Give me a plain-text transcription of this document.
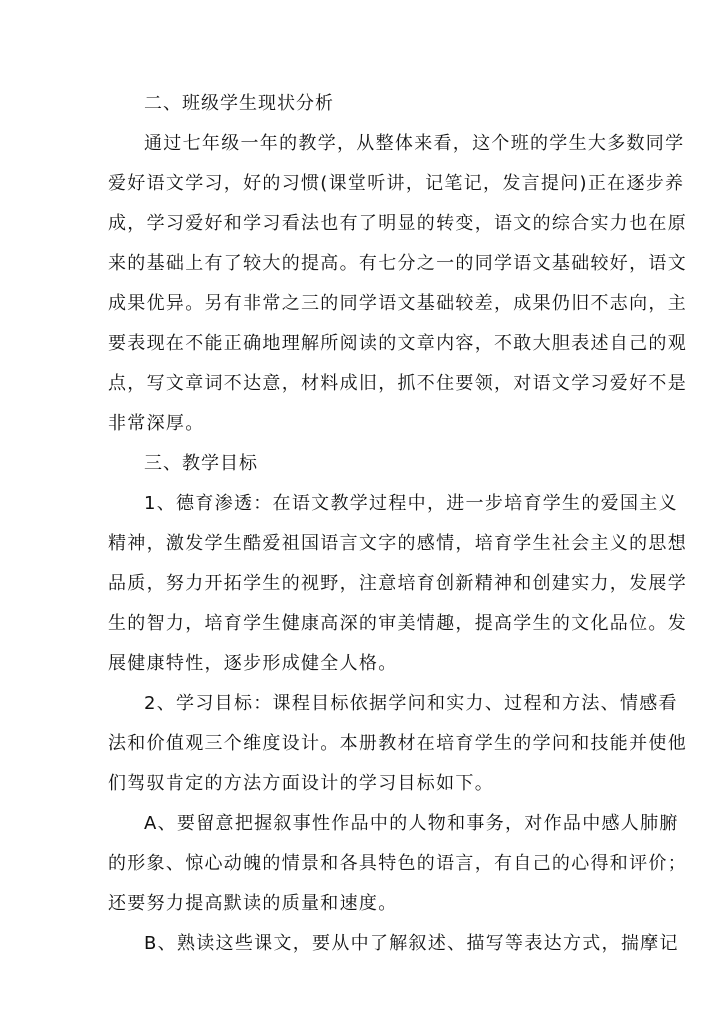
二、班级学生现状分析
通过七年级一年的教学，从整体来看，这个班的学生大多数同学
爱好语文学习，好的习惯(课堂听讲，记笔记，发言提问)正在逐步养
成，学习爱好和学习看法也有了明显的转变，语文的综合实力也在原
来的基础上有了较大的提高。有七分之一的同学语文基础较好，语文
成果优异。另有非常之三的同学语文基础较差，成果仍旧不志向，主
要表现在不能正确地理解所阅读的文章内容，不敢大胆表述自己的观
点，写文章词不达意，材料成旧，抓不住要领，对语文学习爱好不是
非常深厚。
三、教学目标
1、德育渗透：在语文教学过程中，进一步培育学生的爱国主义
精神，激发学生酷爱祖国语言文字的感情，培育学生社会主义的思想
品质，努力开拓学生的视野，注意培育创新精神和创建实力，发展学
生的智力，培育学生健康高深的审美情趣，提高学生的文化品位。发
展健康特性，逐步形成健全人格。
2、学习目标：课程目标依据学问和实力、过程和方法、情感看
法和价值观三个维度设计。本册教材在培育学生的学问和技能并使他
们驾驭肯定的方法方面设计的学习目标如下。
A、要留意把握叙事性作品中的人物和事务，对作品中感人肺腑
的形象、惊心动魄的情景和各具特色的语言，有自己的心得和评价；
还要努力提高默读的质量和速度。
B、熟读这些课文，要从中了解叙述、描写等表达方式，揣摩记
